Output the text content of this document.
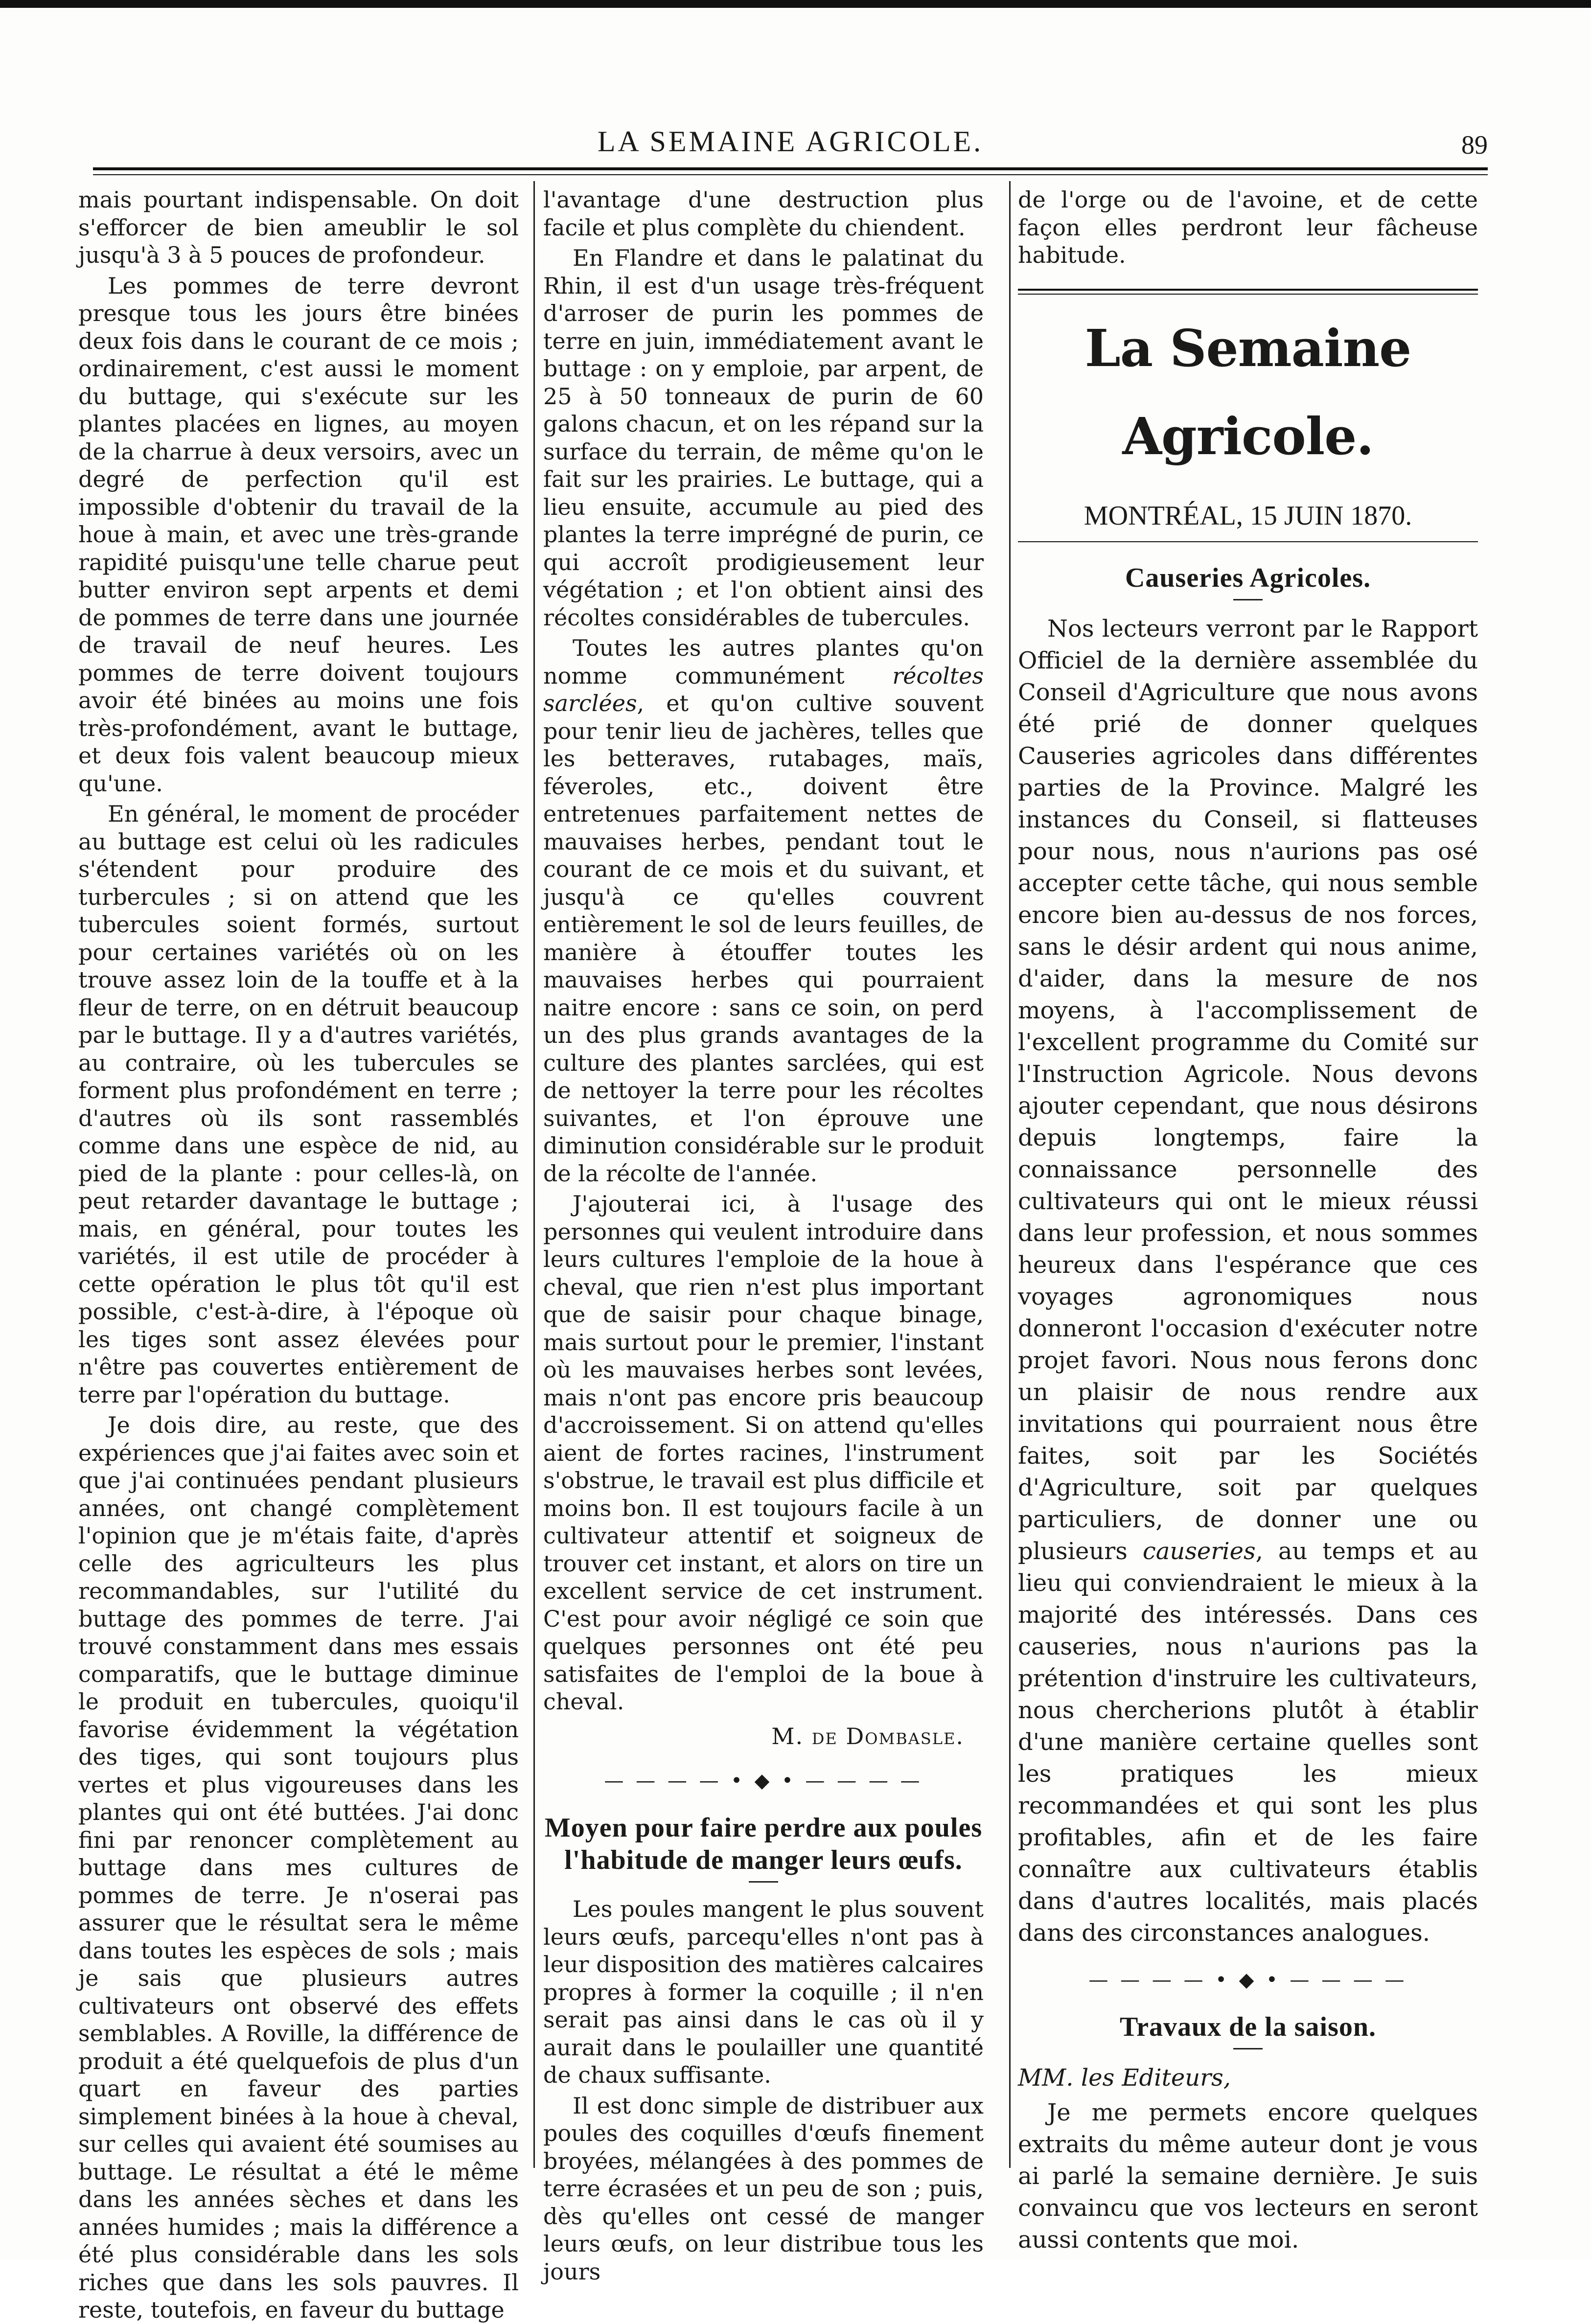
LA SEMAINE AGRICOLE.	89

mais pourtant indispensable. On doit s'efforcer de bien ameublir le sol jusqu'à 3 à 5 pouces de profondeur.

Les pommes de terre devront presque tous les jours être binées deux fois dans le courant de ce mois ; ordinairement, c'est aussi le moment du buttage, qui s'exécute sur les plantes placées en lignes, au moyen de la charrue à deux versoirs, avec un degré de perfection qu'il est impossible d'obtenir du travail de la houe à main, et avec une très-grande rapidité puisqu'une telle charue peut butter environ sept arpents et demi de pommes de terre dans une journée de travail de neuf heures. Les pommes de terre doivent toujours avoir été binées au moins une fois très-profondément, avant le buttage, et deux fois valent beaucoup mieux qu'une.

En général, le moment de procéder au buttage est celui où les radicules s'étendent pour produire des turbercules ; si on attend que les tubercules soient formés, surtout pour certaines variétés où on les trouve assez loin de la touffe et à la fleur de terre, on en détruit beaucoup par le buttage. Il y a d'autres variétés, au contraire, où les tubercules se forment plus profondément en terre ; d'autres où ils sont rassemblés comme dans une espèce de nid, au pied de la plante : pour celles-là, on peut retarder davantage le buttage ; mais, en général, pour toutes les variétés, il est utile de procéder à cette opération le plus tôt qu'il est possible, c'est-à-dire, à l'époque où les tiges sont assez élevées pour n'être pas couvertes entièrement de terre par l'opération du buttage.

Je dois dire, au reste, que des expériences que j'ai faites avec soin et que j'ai continuées pendant plusieurs années, ont changé complètement l'opinion que je m'étais faite, d'après celle des agriculteurs les plus recommandables, sur l'utilité du buttage des pommes de terre. J'ai trouvé constamment dans mes essais comparatifs, que le buttage diminue le produit en tubercules, quoiqu'il favorise évidemment la végétation des tiges, qui sont toujours plus vertes et plus vigoureuses dans les plantes qui ont été buttées. J'ai donc fini par renoncer complètement au buttage dans mes cultures de pommes de terre. Je n'oserai pas assurer que le résultat sera le même dans toutes les espèces de sols ; mais je sais que plusieurs autres cultivateurs ont observé des effets semblables. A Roville, la différence de produit a été quelquefois de plus d'un quart en faveur des parties simplement binées à la houe à cheval, sur celles qui avaient été soumises au buttage. Le résultat a été le même dans les années sèches et dans les années humides ; mais la différence a été plus considérable dans les sols riches que dans les sols pauvres. Il reste, toutefois, en faveur du buttage

l'avantage d'une destruction plus facile et plus complète du chiendent.

En Flandre et dans le palatinat du Rhin, il est d'un usage très-fréquent d'arroser de purin les pommes de terre en juin, immédiatement avant le buttage : on y emploie, par arpent, de 25 à 50 tonneaux de purin de 60 galons chacun, et on les répand sur la surface du terrain, de même qu'on le fait sur les prairies. Le buttage, qui a lieu ensuite, accumule au pied des plantes la terre imprégné de purin, ce qui accroît prodigieusement leur végétation ; et l'on obtient ainsi des récoltes considérables de tubercules.

Toutes les autres plantes qu'on nomme communément récoltes sarclées, et qu'on cultive souvent pour tenir lieu de jachères, telles que les betteraves, rutabages, maïs, féveroles, etc., doivent être entretenues parfaitement nettes de mauvaises herbes, pendant tout le courant de ce mois et du suivant, et jusqu'à ce qu'elles couvrent entièrement le sol de leurs feuilles, de manière à étouffer toutes les mauvaises herbes qui pourraient naitre encore : sans ce soin, on perd un des plus grands avantages de la culture des plantes sarclées, qui est de nettoyer la terre pour les récoltes suivantes, et l'on éprouve une diminution considérable sur le produit de la récolte de l'année.

J'ajouterai ici, à l'usage des personnes qui veulent introduire dans leurs cultures l'emploie de la houe à cheval, que rien n'est plus important que de saisir pour chaque binage, mais surtout pour le premier, l'instant où les mauvaises herbes sont levées, mais n'ont pas encore pris beaucoup d'accroissement. Si on attend qu'elles aient de fortes racines, l'instrument s'obstrue, le travail est plus difficile et moins bon. Il est toujours facile à un cultivateur attentif et soigneux de trouver cet instant, et alors on tire un excellent service de cet instrument. C'est pour avoir négligé ce soin que quelques personnes ont été peu satisfaites de l'emploi de la boue à cheval.

M. de Dombasle.

— — — — • ◆ • — — — —
Moyen pour faire perdre aux poules l'habitude de manger leurs œufs.

Les poules mangent le plus souvent leurs œufs, parcequ'elles n'ont pas à leur disposition des matières calcaires propres à former la coquille ; il n'en serait pas ainsi dans le cas où il y aurait dans le poulailler une quantité de chaux suffisante.

Il est donc simple de distribuer aux poules des coquilles d'œufs finement broyées, mélangées à des pommes de terre écrasées et un peu de son ; puis, dès qu'elles ont cessé de manger leurs œufs, on leur distribue tous les jours

de l'orge ou de l'avoine, et de cette façon elles perdront leur fâcheuse habitude.

La Semaine Agricole.
MONTRÉAL, 15 JUIN 1870.
Causeries Agricoles.

Nos lecteurs verront par le Rapport Officiel de la dernière assemblée du Conseil d'Agriculture que nous avons été prié de donner quelques Causeries agricoles dans différentes parties de la Province. Malgré les instances du Conseil, si flatteuses pour nous, nous n'aurions pas osé accepter cette tâche, qui nous semble encore bien au-dessus de nos forces, sans le désir ardent qui nous anime, d'aider, dans la mesure de nos moyens, à l'accomplissement de l'excellent programme du Comité sur l'Instruction Agricole. Nous devons ajouter cependant, que nous désirons depuis longtemps, faire la connaissance personnelle des cultivateurs qui ont le mieux réussi dans leur profession, et nous sommes heureux dans l'espérance que ces voyages agronomiques nous donneront l'occasion d'exécuter notre projet favori. Nous nous ferons donc un plaisir de nous rendre aux invitations qui pourraient nous être faites, soit par les Sociétés d'Agriculture, soit par quelques particuliers, de donner une ou plusieurs causeries, au temps et au lieu qui conviendraient le mieux à la majorité des intéressés. Dans ces causeries, nous n'aurions pas la prétention d'instruire les cultivateurs, nous chercherions plutôt à établir d'une manière certaine quelles sont les pratiques les mieux recommandées et qui sont les plus profitables, afin et de les faire connaître aux cultivateurs établis dans d'autres localités, mais placés dans des circonstances analogues.

— — — — • ◆ • — — — —
Travaux de la saison.

MM. les Editeurs,

Je me permets encore quelques extraits du même auteur dont je vous ai parlé la semaine dernière. Je suis convaincu que vos lecteurs en seront aussi contents que moi.
